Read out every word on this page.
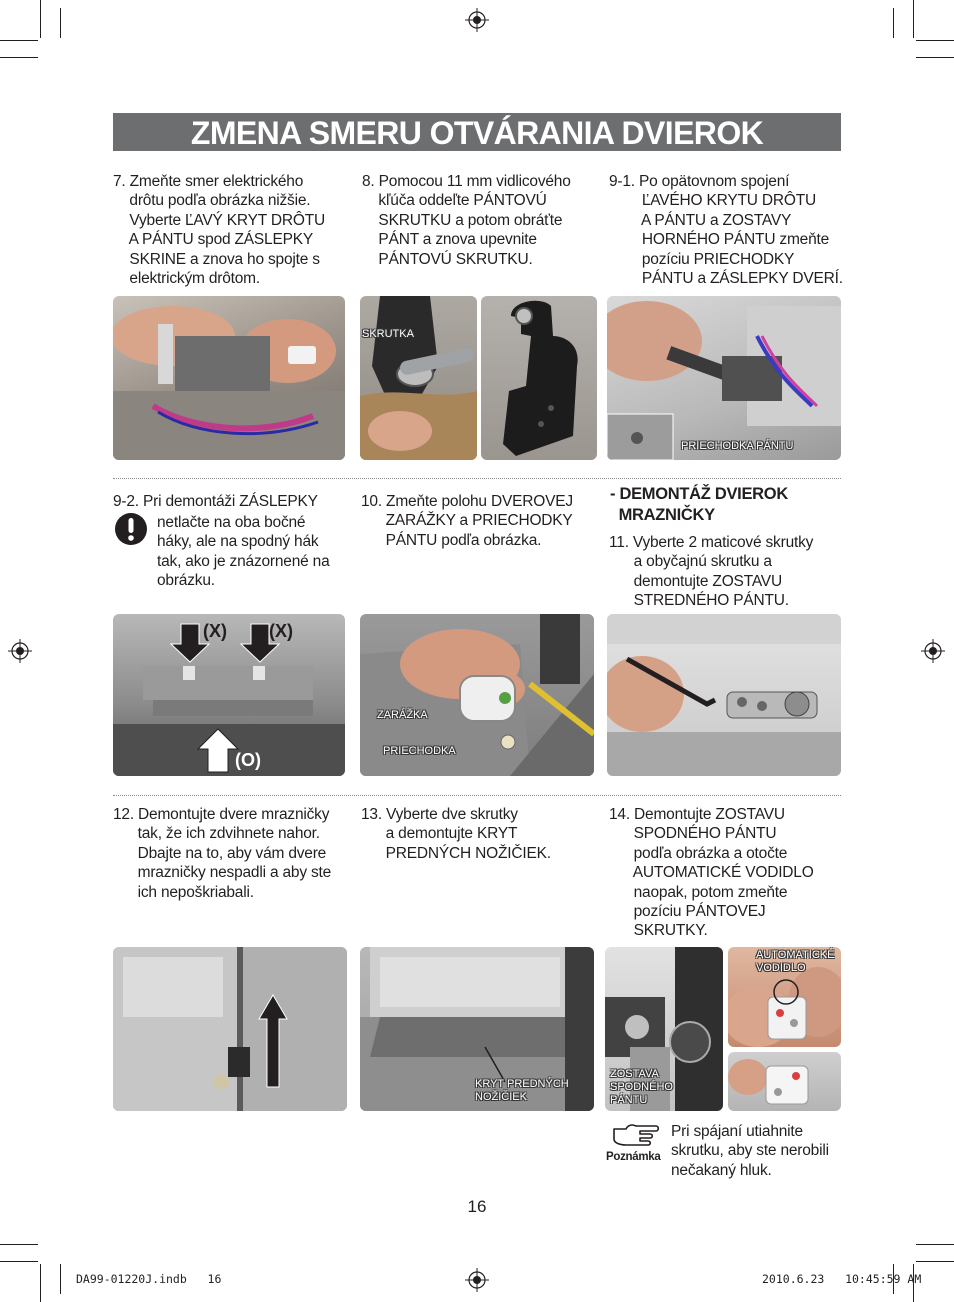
ZMENA SMERU OTVÁRANIA DVIEROK
7. Zmeňte smer elektrického
drôtu podľa obrázka nižšie.
Vyberte ĽAVÝ KRYT DRÔTU
A PÁNTU spod ZÁSLEPKY
SKRINE a znova ho spojte s
elektrickým drôtom.
8. Pomocou 11 mm vidlicového
kľúča oddeľte PÁNTOVÚ
SKRUTKU a potom obráťte
PÁNT a znova upevnite
PÁNTOVÚ SKRUTKU.
9-1. Po opätovnom spojení
ĽAVÉHO KRYTU DRÔTU
A PÁNTU a ZOSTAVY
HORNÉHO PÁNTU zmeňte
pozíciu PRIECHODKY
PÁNTU a ZÁSLEPKY DVERÍ.
SKRUTKA
PRIECHODKA PÁNTU
9-2. Pri demontáži ZÁSLEPKY
netlačte na oba bočné
háky, ale na spodný hák
tak, ako je znázornené na
obrázku.
10. Zmeňte polohu DVEROVEJ
ZARÁŽKY a PRIECHODKY
PÁNTU podľa obrázka.
- DEMONTÁŽ DVIEROK
MRAZNIČKY
11. Vyberte 2 maticové skrutky
a obyčajnú skrutku a
demontujte ZOSTAVU
STREDNÉHO PÁNTU.
(X) (X)
(O)
ZARÁŽKA
PRIECHODKA
12. Demontujte dvere mrazničky
tak, že ich zdvihnete nahor.
Dbajte na to, aby vám dvere
mrazničky nespadli a aby ste
ich nepoškriabali.
13. Vyberte dve skrutky
a demontujte KRYT
PREDNÝCH NOŽIČIEK.
14. Demontujte ZOSTAVU
SPODNÉHO PÁNTU
podľa obrázka a otočte
AUTOMATICKÉ VODIDLO
naopak, potom zmeňte
pozíciu PÁNTOVEJ
SKRUTKY.
KRYT PREDNÝCH
NOŽIČIEK
ZOSTAVA
SPODNÉHO
PÁNTU
AUTOMATICKÉ
VODIDLO
Poznámka
Pri spájaní utiahnite
skrutku, aby ste nerobili
nečakaný hluk.
16
DA99-01220J.indb   16	2010.6.23   10:45:59 AM
